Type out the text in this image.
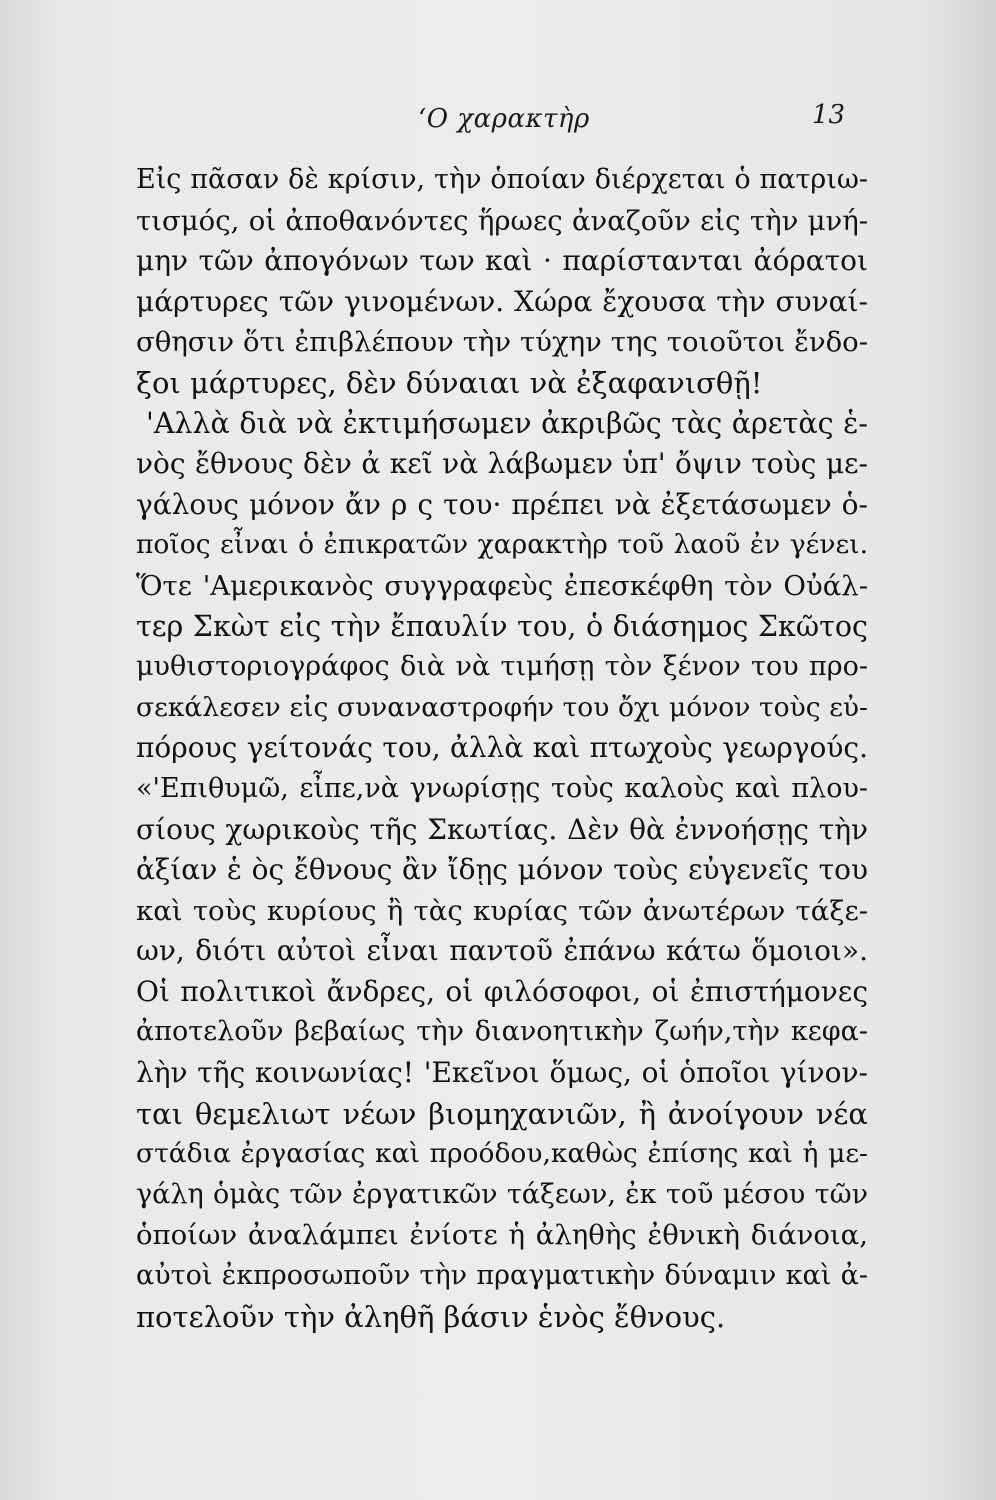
‘Ο χαρακτὴρ	13
Εἰς πᾶσαν δὲ κρίσιν, τὴν ὁποίαν διέρχεται ὁ πατριω-
τισμός, οἱ ἀποθανόντες ἥρωες ἀναζοῦν εἰς τὴν μνή-
μην τῶν ἀπογόνων των καὶ · παρίστανται ἀόρατοι
μάρτυρες τῶν γινομένων. Χώρα ἔχουσα τὴν συναί-
σθησιν ὅτι ἐπιβλέπουν τὴν τύχην της τοιοῦτοι ἔνδο-
ξοι μάρτυρες, δὲν δύναιαι νὰ ἐξαφανισθῇ!
'Αλλὰ διὰ νὰ ἐκτιμήσωμεν ἀκριβῶς τὰς ἀρετὰς ἑ-
νὸς ἔθνους δὲν ἀ κεῖ νὰ λάβωμεν ὑπ' ὄψιν τοὺς με-
γάλους μόνον ἄν ρ ς του· πρέπει νὰ ἐξετάσωμεν ὁ-
ποῖος εἶναι ὁ ἐπικρατῶν χαρακτὴρ τοῦ λαοῦ ἐν γένει.
Ὅτε 'Αμερικανὸς συγγραφεὺς ἐπεσκέφθη τὸν Οὐάλ-
τερ Σκὼτ εἰς τὴν ἔπαυλίν του, ὁ διάσημος Σκῶτος
μυθιστοριογράφος διὰ νὰ τιμήσῃ τὸν ξένον του προ-
σεκάλεσεν εἰς συναναστροφήν του ὄχι μόνον τοὺς εὐ-
πόρους γείτονάς του, ἀλλὰ καὶ πτωχοὺς γεωργούς.
«'Επιθυμῶ, εἶπε,νὰ γνωρίσῃς τοὺς καλοὺς καὶ πλου-
σίους χωρικοὺς τῆς Σκωτίας. Δὲν θὰ ἐννοήσῃς τὴν
ἀξίαν ἑ ὸς ἔθνους ἂν ἴδῃς μόνον τοὺς εὐγενεῖς του
καὶ τοὺς κυρίους ἢ τὰς κυρίας τῶν ἀνωτέρων τάξε-
ων, διότι αὐτοὶ εἶναι παντοῦ ἐπάνω κάτω ὅμοιοι».
Οἱ πολιτικοὶ ἄνδρες, οἱ φιλόσοφοι, οἱ ἐπιστήμονες
ἀποτελοῦν βεβαίως τὴν διανοητικὴν ζωήν,τὴν κεφα-
λὴν τῆς κοινωνίας! 'Εκεῖνοι ὅμως, οἱ ὁποῖοι γίνον-
ται θεμελιωτ νέων βιομηχανιῶν, ἢ ἀνοίγουν νέα
στάδια ἐργασίας καὶ προόδου,καθὼς ἐπίσης καὶ ἡ με-
γάλη ὁμὰς τῶν ἐργατικῶν τάξεων, ἐκ τοῦ μέσου τῶν
ὁποίων ἀναλάμπει ἐνίοτε ἡ ἀληθὴς ἐθνικὴ διάνοια,
αὐτοὶ ἐκπροσωποῦν τὴν πραγματικὴν δύναμιν καὶ ἀ-
ποτελοῦν τὴν ἀληθῆ βάσιν ἑνὸς ἔθνους.
